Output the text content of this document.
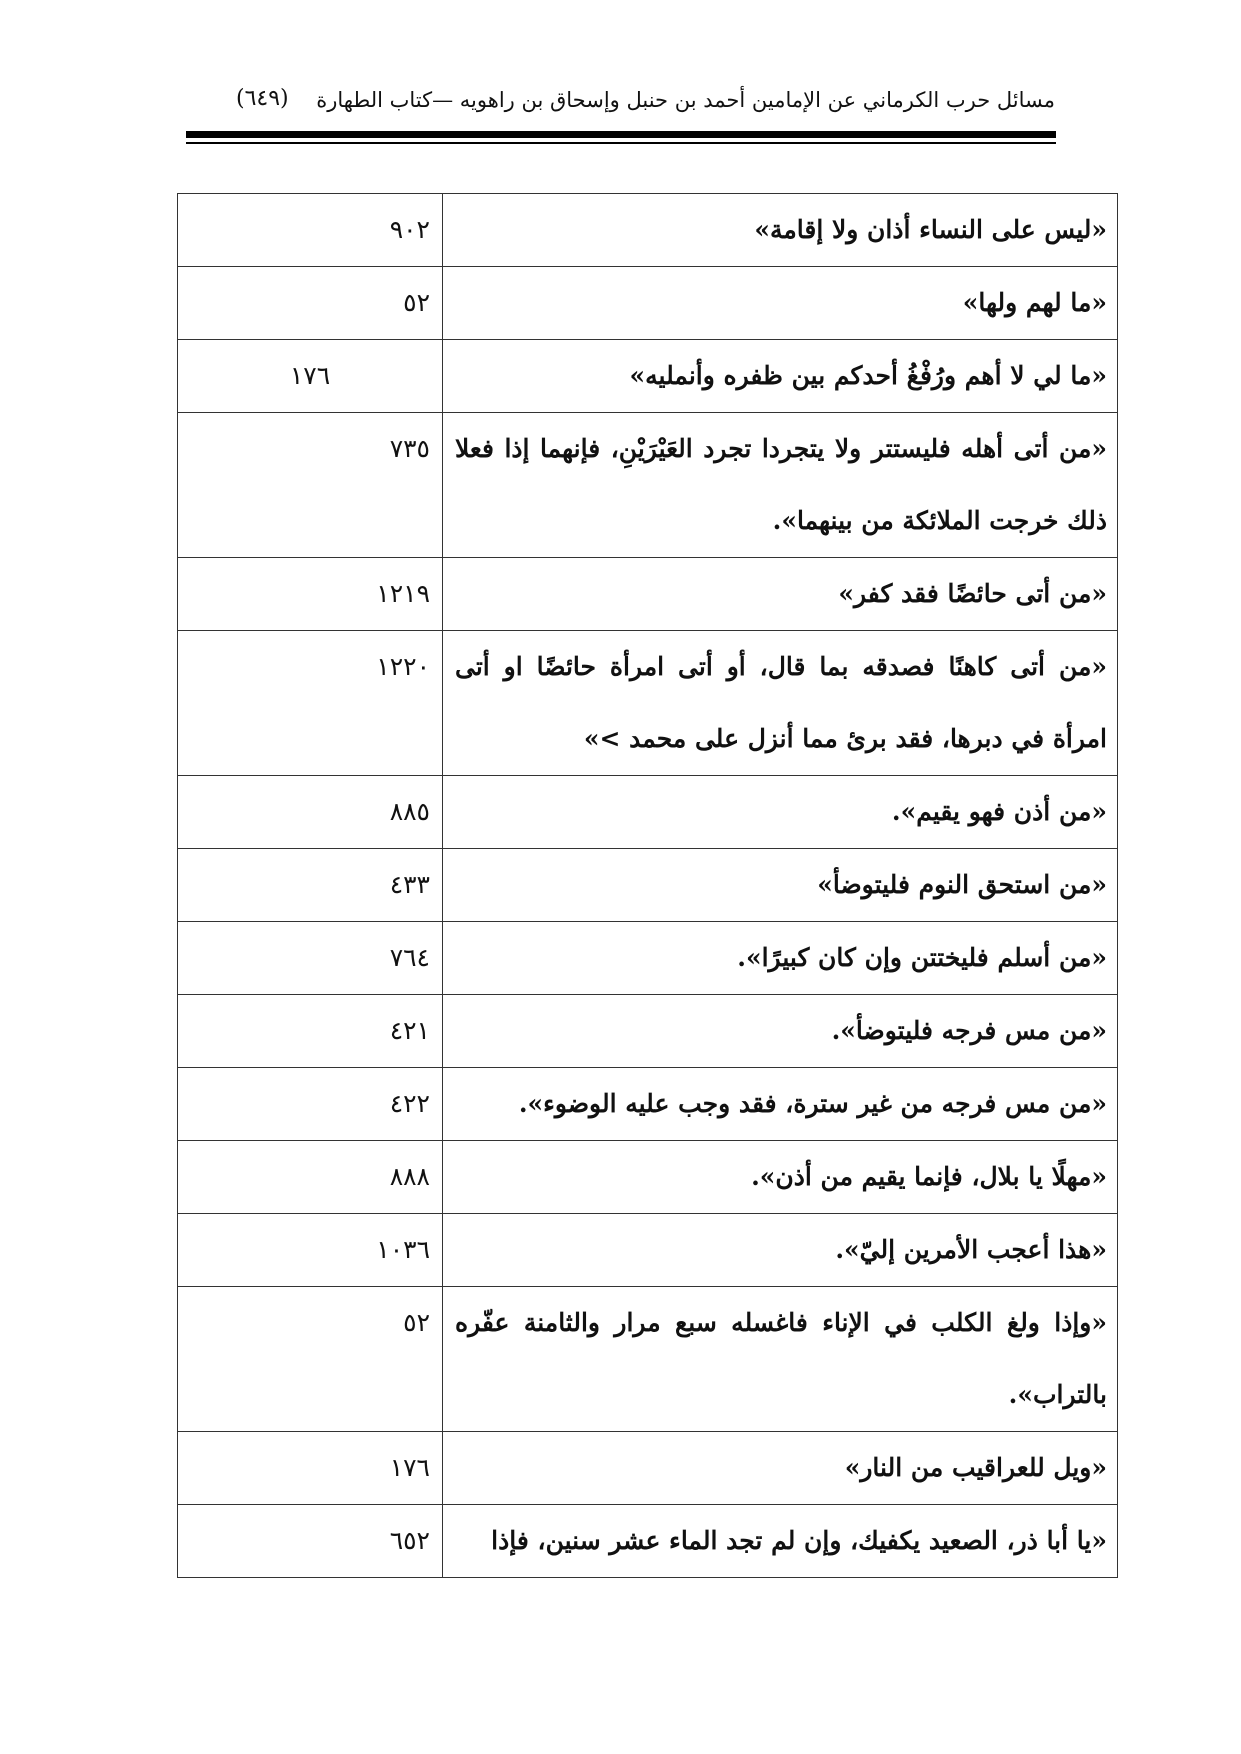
مسائل حرب الكرماني عن الإمامين أحمد بن حنبل وإسحاق بن راهويه —كتاب الطهارة
(٦٤٩)
«ليس على النساء أذان ولا إقامة»	٩٠٢
«ما لهم ولها»	٥٢
«ما لي لا أهم ورُفْغُ أحدكم بين ظفره وأنمليه»	١٧٦
«من أتى أهله فليستتر ولا يتجردا تجرد العَيْرَيْنِ، فإنهما إذا فعلا ذلك خرجت الملائكة من بينهما».	٧٣٥
«من أتى حائضًا فقد كفر»	١٢١٩
«من أتى كاهنًا فصدقه بما قال، أو أتى امرأة حائضًا او أتى امرأة في دبرها، فقد برئ مما أنزل على محمد >»	١٢٢٠
«من أذن فهو يقيم».	٨٨٥
«من استحق النوم فليتوضأ»	٤٣٣
«من أسلم فليختتن وإن كان كبيرًا».	٧٦٤
«من مس فرجه فليتوضأ».	٤٢١
«من مس فرجه من غير سترة، فقد وجب عليه الوضوء».	٤٢٢
«مهلًا يا بلال، فإنما يقيم من أذن».	٨٨٨
«هذا أعجب الأمرين إليّ».	١٠٣٦
«وإذا ولغ الكلب في الإناء فاغسله سبع مرار والثامنة عفّره بالتراب».	٥٢
«ويل للعراقيب من النار»	١٧٦
«يا أبا ذر، الصعيد يكفيك، وإن لم تجد الماء عشر سنين، فإذا	٦٥٢
